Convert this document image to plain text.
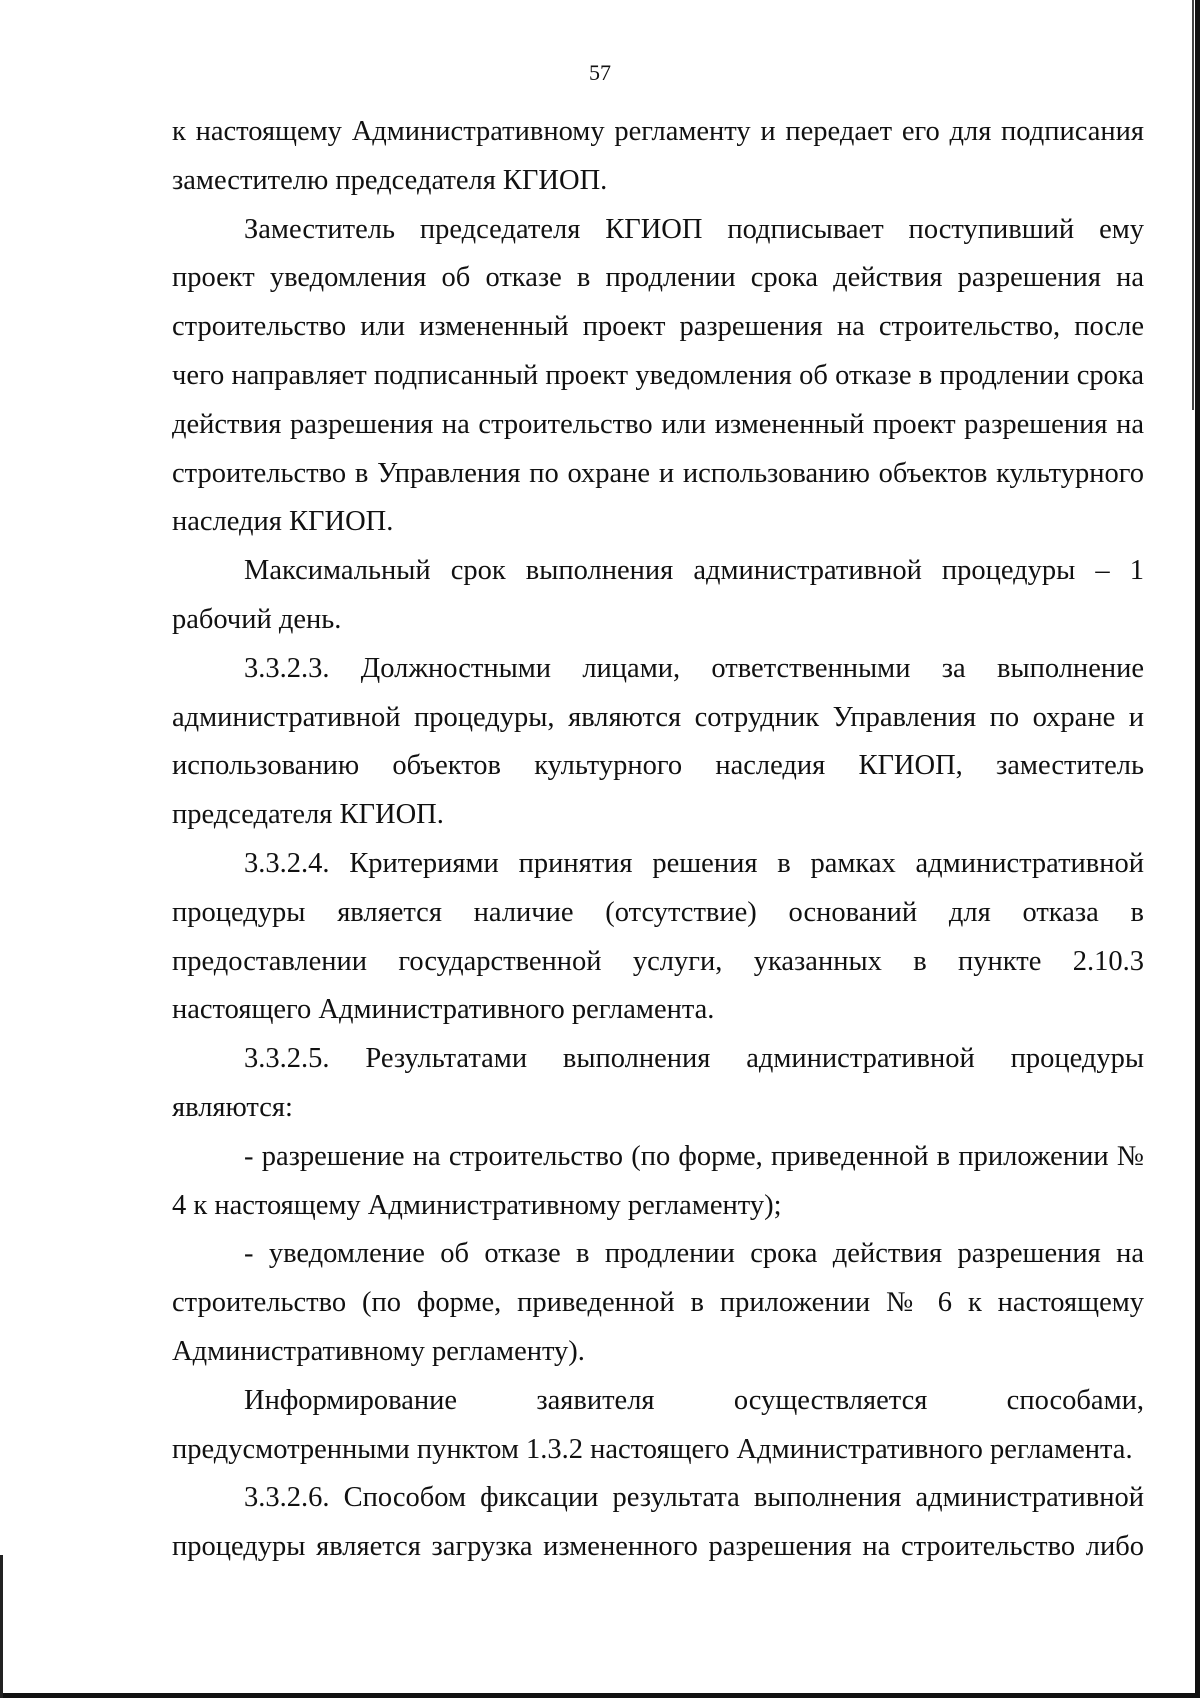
57

к настоящему Административному регламенту и передает его для подписания заместителю председателя КГИОП.

Заместитель председателя КГИОП подписывает поступивший ему проект уведомления об отказе в продлении срока действия разрешения на строительство или измененный проект разрешения на строительство, после чего направляет подписанный проект уведомления об отказе в продлении срока действия разрешения на строительство или измененный проект разрешения на строительство в Управления по охране и использованию объектов культурного наследия КГИОП.

Максимальный срок выполнения административной процедуры – 1 рабочий день.

3.3.2.3. Должностными лицами, ответственными за выполнение административной процедуры, являются сотрудник Управления по охране и использованию объектов культурного наследия КГИОП, заместитель председателя КГИОП.

3.3.2.4. Критериями принятия решения в рамках административной процедуры является наличие (отсутствие) оснований для отказа в предоставлении государственной услуги, указанных в пункте 2.10.3 настоящего Административного регламента.

3.3.2.5. Результатами выполнения административной процедуры являются:

- разрешение на строительство (по форме, приведенной в приложении № 4 к настоящему Административному регламенту);

- уведомление об отказе в продлении срока действия разрешения на строительство (по форме, приведенной в приложении № 6 к настоящему Административному регламенту).

Информирование заявителя осуществляется способами, предусмотренными пунктом 1.3.2 настоящего Административного регламента.

3.3.2.6. Способом фиксации результата выполнения административной процедуры является загрузка измененного разрешения на строительство либо
